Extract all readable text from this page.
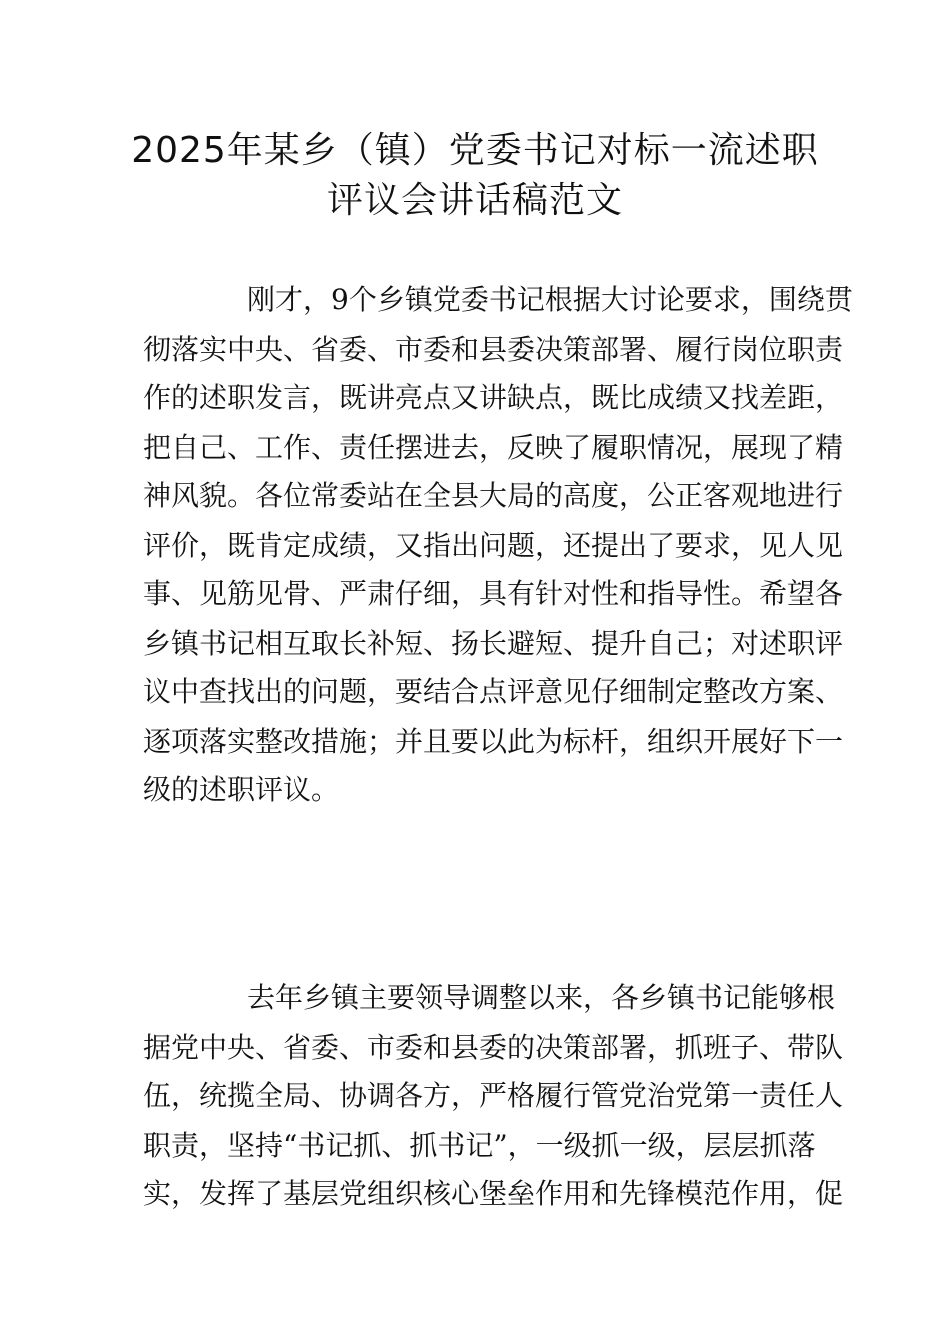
2025年某乡（镇）党委书记对标一流述职
评议会讲话稿范文
刚才，9个乡镇党委书记根据大讨论要求，围绕贯
彻落实中央、省委、市委和县委决策部署、履行岗位职责
作的述职发言，既讲亮点又讲缺点，既比成绩又找差距，
把自己、工作、责任摆进去，反映了履职情况，展现了精
神风貌。各位常委站在全县大局的高度，公正客观地进行
评价，既肯定成绩，又指出问题，还提出了要求，见人见
事、见筋见骨、严肃仔细，具有针对性和指导性。希望各
乡镇书记相互取长补短、扬长避短、提升自己；对述职评
议中查找出的问题，要结合点评意见仔细制定整改方案、
逐项落实整改措施；并且要以此为标杆，组织开展好下一
级的述职评议。
去年乡镇主要领导调整以来，各乡镇书记能够根
据党中央、省委、市委和县委的决策部署，抓班子、带队
伍，统揽全局、协调各方，严格履行管党治党第一责任人
职责，坚持“书记抓、抓书记”，一级抓一级，层层抓落
实，发挥了基层党组织核心堡垒作用和先锋模范作用，促
